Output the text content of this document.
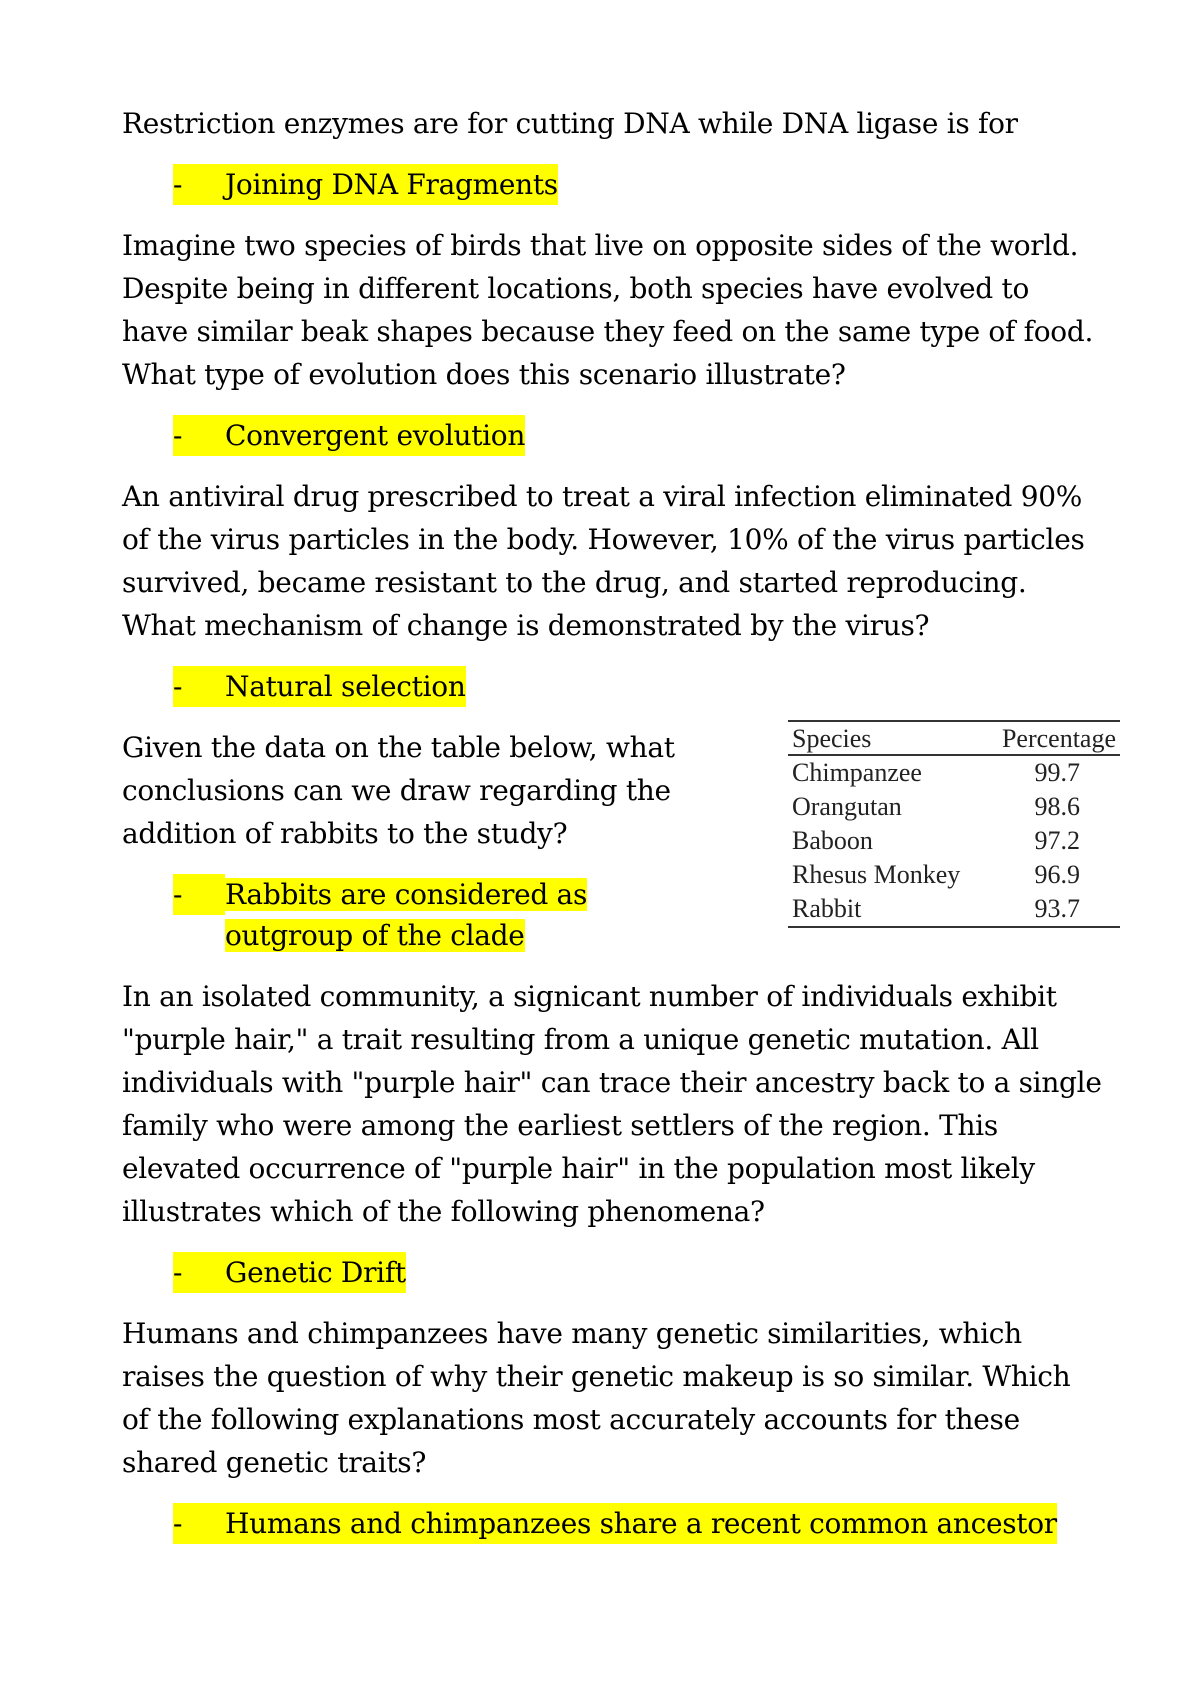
Restriction enzymes are for cutting DNA while DNA ligase is for

-	Joining DNA Fragments

Imagine two species of birds that live on opposite sides of the world. Despite being in different locations, both species have evolved to have similar beak shapes because they feed on the same type of food. What type of evolution does this scenario illustrate?

-	Convergent evolution

An antiviral drug prescribed to treat a viral infection eliminated 90% of the virus particles in the body. However, 10% of the virus particles survived, became resistant to the drug, and started reproducing. What mechanism of change is demonstrated by the virus?

-	Natural selection

Given the data on the table below, what conclusions can we draw regarding the addition of rabbits to the study?

-	Rabbits are considered as outgroup of the clade
Species	Percentage
Chimpanzee	99.7
Orangutan	98.6
Baboon	97.2
Rhesus Monkey	96.9
Rabbit	93.7

In an isolated community, a signicant number of individuals exhibit "purple hair," a trait resulting from a unique genetic mutation. All individuals with "purple hair" can trace their ancestry back to a single family who were among the earliest settlers of the region. This elevated occurrence of "purple hair" in the population most likely illustrates which of the following phenomena?

-	Genetic Drift

Humans and chimpanzees have many genetic similarities, which raises the question of why their genetic makeup is so similar. Which of the following explanations most accurately accounts for these shared genetic traits?

-	Humans and chimpanzees share a recent common ancestor
